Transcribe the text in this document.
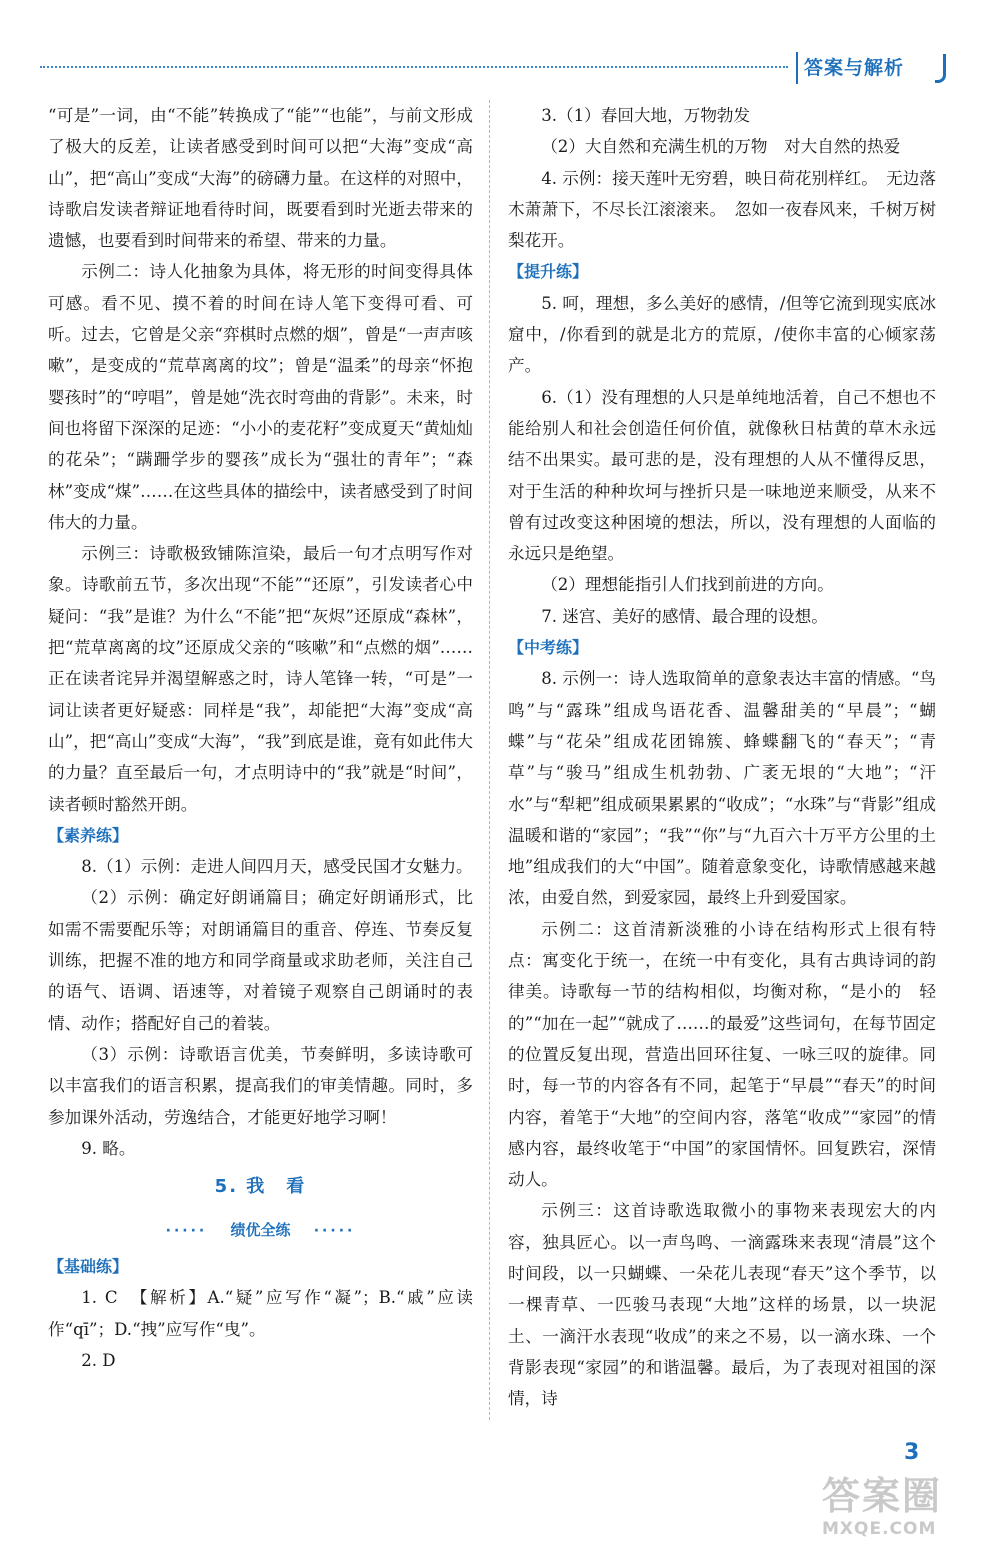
答案与解析

“可是”一词，由“不能”转换成了“能”“也能”，与前文形成了极大的反差，让读者感受到时间可以把“大海”变成“高山”，把“高山”变成“大海”的磅礴力量。在这样的对照中，诗歌启发读者辩证地看待时间，既要看到时光逝去带来的遗憾，也要看到时间带来的希望、带来的力量。

示例二：诗人化抽象为具体，将无形的时间变得具体可感。看不见、摸不着的时间在诗人笔下变得可看、可听。过去，它曾是父亲“弈棋时点燃的烟”，曾是“一声声咳嗽”，是变成的“荒草离离的坟”；曾是“温柔”的母亲“怀抱婴孩时”的“哼唱”，曾是她“洗衣时弯曲的背影”。未来，时间也将留下深深的足迹：“小小的麦花籽”变成夏天“黄灿灿的花朵”；“蹒跚学步的婴孩”成长为“强壮的青年”；“森林”变成“煤”……在这些具体的描绘中，读者感受到了时间伟大的力量。

示例三：诗歌极致铺陈渲染，最后一句才点明写作对象。诗歌前五节，多次出现“不能”“还原”，引发读者心中疑问：“我”是谁？为什么“不能”把“灰烬”还原成“森林”，把“荒草离离的坟”还原成父亲的“咳嗽”和“点燃的烟”……正在读者诧异并渴望解惑之时，诗人笔锋一转，“可是”一词让读者更好疑惑：同样是“我”，却能把“大海”变成“高山”，把“高山”变成“大海”，“我”到底是谁，竟有如此伟大的力量？直至最后一句，才点明诗中的“我”就是“时间”，读者顿时豁然开朗。

【素养练】

8.（1）示例：走进人间四月天，感受民国才女魅力。

（2）示例：确定好朗诵篇目；确定好朗诵形式，比如需不需要配乐等；对朗诵篇目的重音、停连、节奏反复训练，把握不准的地方和同学商量或求助老师，关注自己的语气、语调、语速等，对着镜子观察自己朗诵时的表情、动作；搭配好自己的着装。

（3）示例：诗歌语言优美，节奏鲜明，多读诗歌可以丰富我们的语言积累，提高我们的审美情趣。同时，多参加课外活动，劳逸结合，才能更好地学习啊！

9. 略。

5. 我　看
····· 绩优全练 ·····
【基础练】

1. C　【解析】A.“疑”应写作“凝”；B.“戚”应读作“qī”；D.“拽”应写作“曳”。

2. D

3.（1）春回大地，万物勃发

（2）大自然和充满生机的万物　对大自然的热爱

4. 示例：接天莲叶无穷碧，映日荷花别样红。　无边落木萧萧下，不尽长江滚滚来。　忽如一夜春风来，千树万树梨花开。

【提升练】

5. 呵，理想，多么美好的感情，/但等它流到现实底冰窟中，/你看到的就是北方的荒原，/使你丰富的心倾家荡产。

6.（1）没有理想的人只是单纯地活着，自己不想也不能给别人和社会创造任何价值，就像秋日枯黄的草木永远结不出果实。最可悲的是，没有理想的人从不懂得反思，对于生活的种种坎坷与挫折只是一味地逆来顺受，从来不曾有过改变这种困境的想法，所以，没有理想的人面临的永远只是绝望。

（2）理想能指引人们找到前进的方向。

7. 迷宫、美好的感情、最合理的设想。

【中考练】

8. 示例一：诗人选取简单的意象表达丰富的情感。“鸟鸣”与“露珠”组成鸟语花香、温馨甜美的“早晨”；“蝴蝶”与“花朵”组成花团锦簇、蜂蝶翻飞的“春天”；“青草”与“骏马”组成生机勃勃、广袤无垠的“大地”；“汗水”与“犁耙”组成硕果累累的“收成”；“水珠”与“背影”组成温暖和谐的“家园”；“我”“你”与“九百六十万平方公里的土地”组成我们的大“中国”。随着意象变化，诗歌情感越来越浓，由爱自然，到爱家园，最终上升到爱国家。

示例二：这首清新淡雅的小诗在结构形式上很有特点：寓变化于统一，在统一中有变化，具有古典诗词的韵律美。诗歌每一节的结构相似，均衡对称，“是小的　轻的”“加在一起”“就成了……的最爱”这些词句，在每节固定的位置反复出现，营造出回环往复、一咏三叹的旋律。同时，每一节的内容各有不同，起笔于“早晨”“春天”的时间内容，着笔于“大地”的空间内容，落笔“收成”“家园”的情感内容，最终收笔于“中国”的家国情怀。回复跌宕，深情动人。

示例三：这首诗歌选取微小的事物来表现宏大的内容，独具匠心。以一声鸟鸣、一滴露珠来表现“清晨”这个时间段，以一只蝴蝶、一朵花儿表现“春天”这个季节，以一棵青草、一匹骏马表现“大地”这样的场景，以一块泥土、一滴汗水表现“收成”的来之不易，以一滴水珠、一个背影表现“家园”的和谐温馨。最后，为了表现对祖国的深情，诗

3
答案圈
MXQE.COM
